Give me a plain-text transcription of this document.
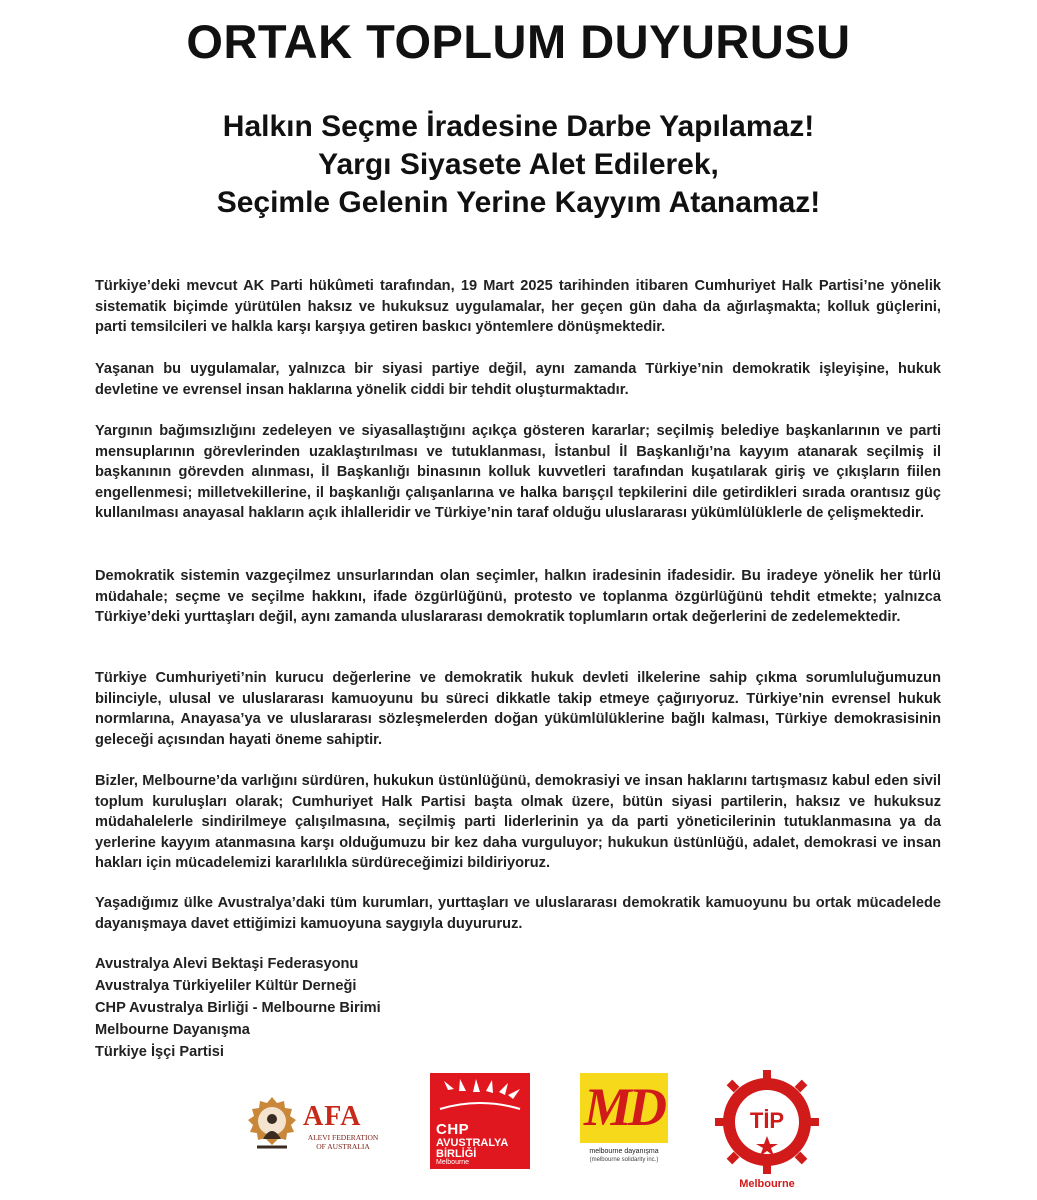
ORTAK TOPLUM DUYURUSU
Halkın Seçme İradesine Darbe Yapılamaz!
Yargı Siyasete Alet Edilerek,
Seçimle Gelenin Yerine Kayyım Atanamaz!

Türkiye’deki mevcut AK Parti hükûmeti tarafından, 19 Mart 2025 tarihinden itibaren Cumhuriyet Halk Partisi’ne yönelik sistematik biçimde yürütülen haksız ve hukuksuz uygulamalar, her geçen gün daha da ağırlaşmakta; kolluk güçlerini, parti temsilcileri ve halkla karşı karşıya getiren baskıcı yöntemlere dönüşmektedir.

Yaşanan bu uygulamalar, yalnızca bir siyasi partiye değil, aynı zamanda Türkiye’nin demokratik işleyişine, hukuk devletine ve evrensel insan haklarına yönelik ciddi bir tehdit oluşturmaktadır.

Yargının bağımsızlığını zedeleyen ve siyasallaştığını açıkça gösteren kararlar; seçilmiş belediye başkanlarının ve parti mensuplarının görevlerinden uzaklaştırılması ve tutuklanması, İstanbul İl Başkanlığı’na kayyım atanarak seçilmiş il başkanının görevden alınması, İl Başkanlığı binasının kolluk kuvvetleri tarafından kuşatılarak giriş ve çıkışların fiilen engellenmesi; milletvekillerine, il başkanlığı çalışanlarına ve halka barışçıl tepkilerini dile getirdikleri sırada orantısız güç kullanılması anayasal hakların açık ihlalleridir ve Türkiye’nin taraf olduğu uluslararası yükümlülüklerle de çelişmektedir.

Demokratik sistemin vazgeçilmez unsurlarından olan seçimler, halkın iradesinin ifadesidir. Bu iradeye yönelik her türlü müdahale; seçme ve seçilme hakkını, ifade özgürlüğünü, protesto ve toplanma özgürlüğünü tehdit etmekte; yalnızca Türkiye’deki yurttaşları değil, aynı zamanda uluslararası demokratik toplumların ortak değerlerini de zedelemektedir.

Türkiye Cumhuriyeti’nin kurucu değerlerine ve demokratik hukuk devleti ilkelerine sahip çıkma sorumluluğumuzun bilinciyle, ulusal ve uluslararası kamuoyunu bu süreci dikkatle takip etmeye çağırıyoruz. Türkiye’nin evrensel hukuk normlarına, Anayasa’ya ve uluslararası sözleşmelerden doğan yükümlülüklerine bağlı kalması, Türkiye demokrasisinin geleceği açısından hayati öneme sahiptir.

Bizler, Melbourne’da varlığını sürdüren, hukukun üstünlüğünü, demokrasiyi ve insan haklarını tartışmasız kabul eden sivil toplum kuruluşları olarak; Cumhuriyet Halk Partisi başta olmak üzere, bütün siyasi partilerin, haksız ve hukuksuz müdahalelerle sindirilmeye çalışılmasına, seçilmiş parti liderlerinin ya da parti yöneticilerinin tutuklanmasına ya da yerlerine kayyım atanmasına karşı olduğumuzu bir kez daha vurguluyor; hukukun üstünlüğü, adalet, demokrasi ve insan hakları için mücadelemizi kararlılıkla sürdüreceğimizi bildiriyoruz.

Yaşadığımız ülke Avustralya’daki tüm kurumları, yurttaşları ve uluslararası demokratik kamuoyunu bu ortak mücadelede dayanışmaya davet ettiğimizi kamuoyuna saygıyla duyururuz.

Avustralya Alevi Bektaşi Federasyonu
Avustralya Türkiyeliler Kültür Derneği
CHP Avustralya Birliği - Melbourne Birimi
Melbourne Dayanışma
Türkiye İşçi Partisi
AFA
ALEVI FEDERATION OF AUSTRALIA
CHP
AVUSTRALYA
BİRLİĞİ
Melbourne
MD
melbourne dayanışma
(melbourne solidarity inc.)
TİP
Melbourne
